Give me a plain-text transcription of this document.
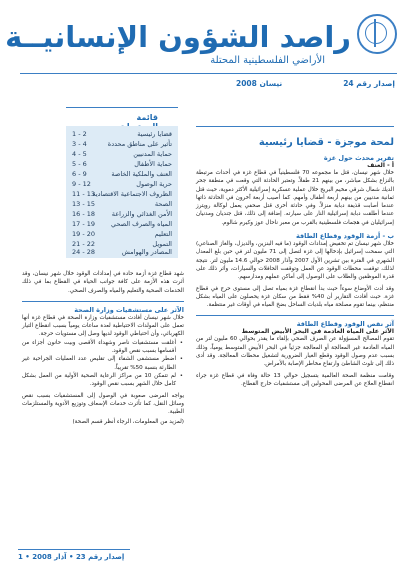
راصد الشؤون الإنسانيــة
الأراضي الفلسطينية المحتلة
نيسان 2008	إصدار رقم 24
قائمة
قضايا رئيسية
1 - 2
تأثير على مناطق محددة
3 - 4
حماية المدنيين
4 - 5
حماية الأطفال
5 - 6
العنف والملكية الخاصة
6 - 9
حرية الوصول
9 - 12
الظروف الاجتماعية الاقتصادية
11 - 13
الصحة
13 - 15
الأمن الغذائي والزراعة
16 - 18
المياه والصرف الصحي
17 - 19
التعليم
19 - 20
التمويل
21 - 22
المصادر والهوامش
24 - 28
لمحة موجزة - قضايا رئيسية

تقرير محدث حول غزة

أ - العنف

خلال شهر نيسان، قتل ما مجموعه 70 فلسطينياً في قطاع غزة في أحداث مرتبطة بالنزاع بشكل مباشر، من بينهم 21 طفلاً. وتعتبر الحادثة التي وقعت في منطقة جحر الديك شمال شرقي مخيم البريج خلال عملية عسكرية إسرائيلية الأكثر دموية، حيث قتل ثمانية مدنيين من بينهم أربعة أطفال وأمهم. كما أصيب أربعة آخرون في الحادثة ذاتها عندما أصابت قذيفة دبابة منزلاً. وفي حادثة أخرى قتل صحفي يعمل لوكالة رويترز عندما أطلقت دبابة إسرائيلية النار على سيارته. إضافة إلى ذلك، قتل جنديان ومدنيان إسرائيليان في هجمات فلسطينية بالقرب من معبر ناحال عوز وكيرم شالوم.

ب - أزمة الوقود وقطاع الطاقة

خلال شهر نيسان تم تخفيض إمدادات الوقود (ما فيه البنزين، والديزل، والغاز الصناعي) التي سمحت إسرائيل بإدخالها إلى غزة لتصل إلى 71 مليون لتر في حين بلغ المعدل الشهري في الفترة بين تشرين الأول 2007 وآذار 2008 حوالي 14.6 مليون لتر. نتيجة لذلك، توقفت محطات الوقود عن العمل وتوقفت الحافلات والسيارات، وأثر ذلك على قدرة الموظفين والطلاب على الوصول إلى أماكن عملهم ومدارسهم.

وقد أدت الأوضاع سوءاً حيث بدأ انقطاع غزة بمياه تصل إلى مستوى حرج في قطاع غزة. حيث أفادت التقارير أن 40% فقط من سكان غزة يحصلون على المياه بشكل منتظم، بينما تقوم مصلحة مياه بلديات الساحل بضخ المياه في أوقات غير منتظمة.

آثر نقص الوقود وقطاع الطاقة

الآثر على المياه العادمة في البحر الأبيض المتوسط

تقوم المصالح المسؤولة عن الصرف الصحي بإلقاء ما يقدر بحوالي 60 مليون لتر من المياه العادمة غير المعالجة أو المعالجة جزئياً في البحر الأبيض المتوسط يومياً، وذلك بسبب عدم وصول الوقود وقطع الغيار الضرورية لتشغيل محطات المعالجة. وقد أدى ذلك إلى تلوث الشاطئ وارتفاع مخاطر الإصابة بالأمراض.

وقامت منظمة الصحة العالمية بتسجيل حوالي 13 حالة وفاة في قطاع غزة جراء انقطاع العلاج عن المرضى المحولين إلى مستشفيات خارج القطاع.

شهد قطاع غزة أزمة حادة في إمدادات الوقود خلال شهر نيسان، وقد أثرت هذه الأزمة على كافة جوانب الحياة في القطاع بما في ذلك الخدمات الصحية والتعليم والمياه والصرف الصحي.

الآثر على مستشفيات وزارة الصحة

خلال شهر نيسان أفادت مستشفيات وزارة الصحة في قطاع غزة أنها تعمل على المولدات الاحتياطية لعدة ساعات يومياً بسبب انقطاع التيار الكهربائي، وأن احتياطي الوقود لديها وصل إلى مستويات حرجة.

• أغلقت مستشفيات ناصر وشهداء الأقصى وبيت حانون أجزاء من أقسامها بسبب نقص الوقود.

• اضطر مستشفى الشفاء إلى تقليص عدد العمليات الجراحية غير الطارئة بنسبة 50% تقريباً.

• لم تتمكن 10 من مراكز الرعاية الصحية الأولية من العمل بشكل كامل خلال الشهر بسبب نقص الوقود.

يواجه المرضى صعوبة في الوصول إلى المستشفيات بسبب نقص وسائل النقل، كما تأثرت خدمات الإسعاف وتوزيع الأدوية والمستلزمات الطبية.

(لمزيد من المعلومات، الرجاء أنظر قسم الصحة)

إصدار رقم 23 • آذار 2008 • 1
